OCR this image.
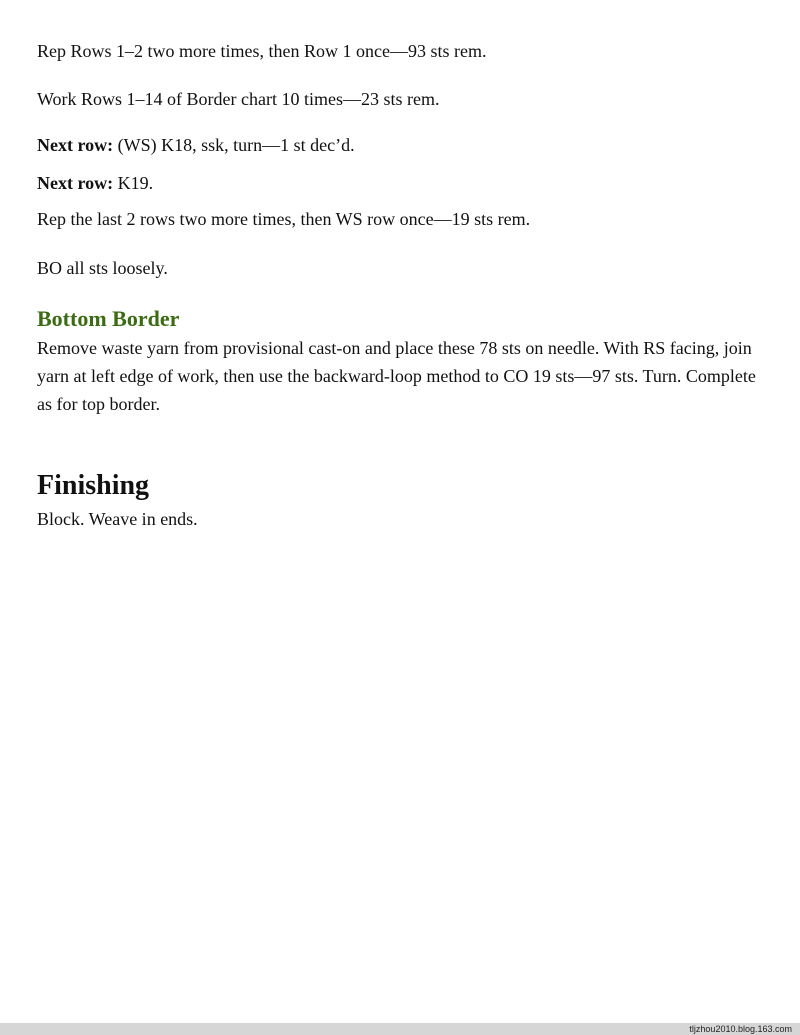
Rep Rows 1–2 two more times, then Row 1 once—93 sts rem.

Work Rows 1–14 of Border chart 10 times—23 sts rem.

Next row: (WS) K18, ssk, turn—1 st dec’d.

Next row: K19.

Rep the last 2 rows two more times, then WS row once—19 sts rem.

BO all sts loosely.

Bottom Border

Remove waste yarn from provisional cast-on and place these 78 sts on needle. With RS facing, join yarn at left edge of work, then use the backward-loop method to CO 19 sts—97 sts. Turn. Complete as for top border.

Finishing

Block. Weave in ends.

tljzhou2010.blog.163.com
